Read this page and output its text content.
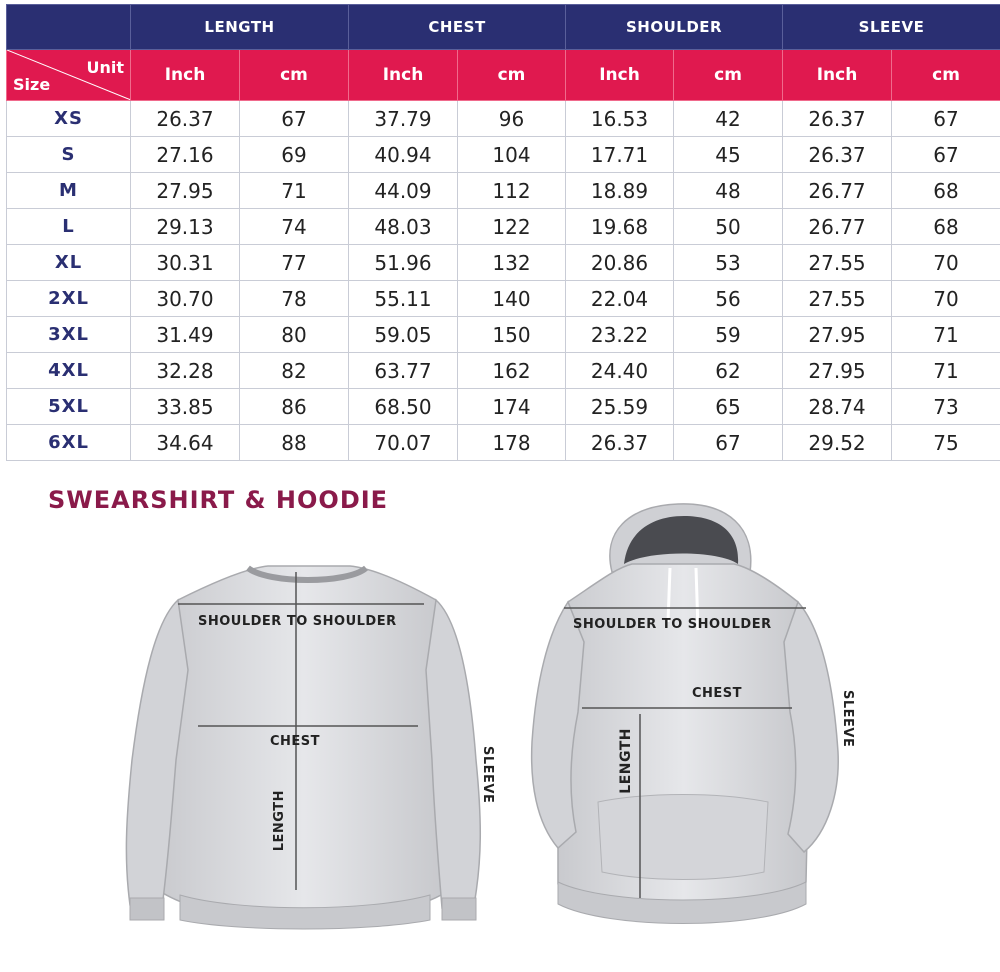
	LENGTH		CHEST		SHOULDER		SLEEVE	

Unit
Size	Inch	cm	Inch	cm	Inch	cm	Inch	cm
XS	26.37	67	37.79	96	16.53	42	26.37	67
S	27.16	69	40.94	104	17.71	45	26.37	67
M	27.95	71	44.09	112	18.89	48	26.77	68
L	29.13	74	48.03	122	19.68	50	26.77	68
XL	30.31	77	51.96	132	20.86	53	27.55	70
2XL	30.70	78	55.11	140	22.04	56	27.55	70
3XL	31.49	80	59.05	150	23.22	59	27.95	71
4XL	32.28	82	63.77	162	24.40	62	27.95	71
5XL	33.85	86	68.50	174	25.59	65	28.74	73
6XL	34.64	88	70.07	178	26.37	67	29.52	75
SWEARSHIRT & HOODIE
SHOULDER TO SHOULDER
CHEST
LENGTH
SLEEVE
SHOULDER TO SHOULDER
CHEST
LENGTH
SLEEVE
